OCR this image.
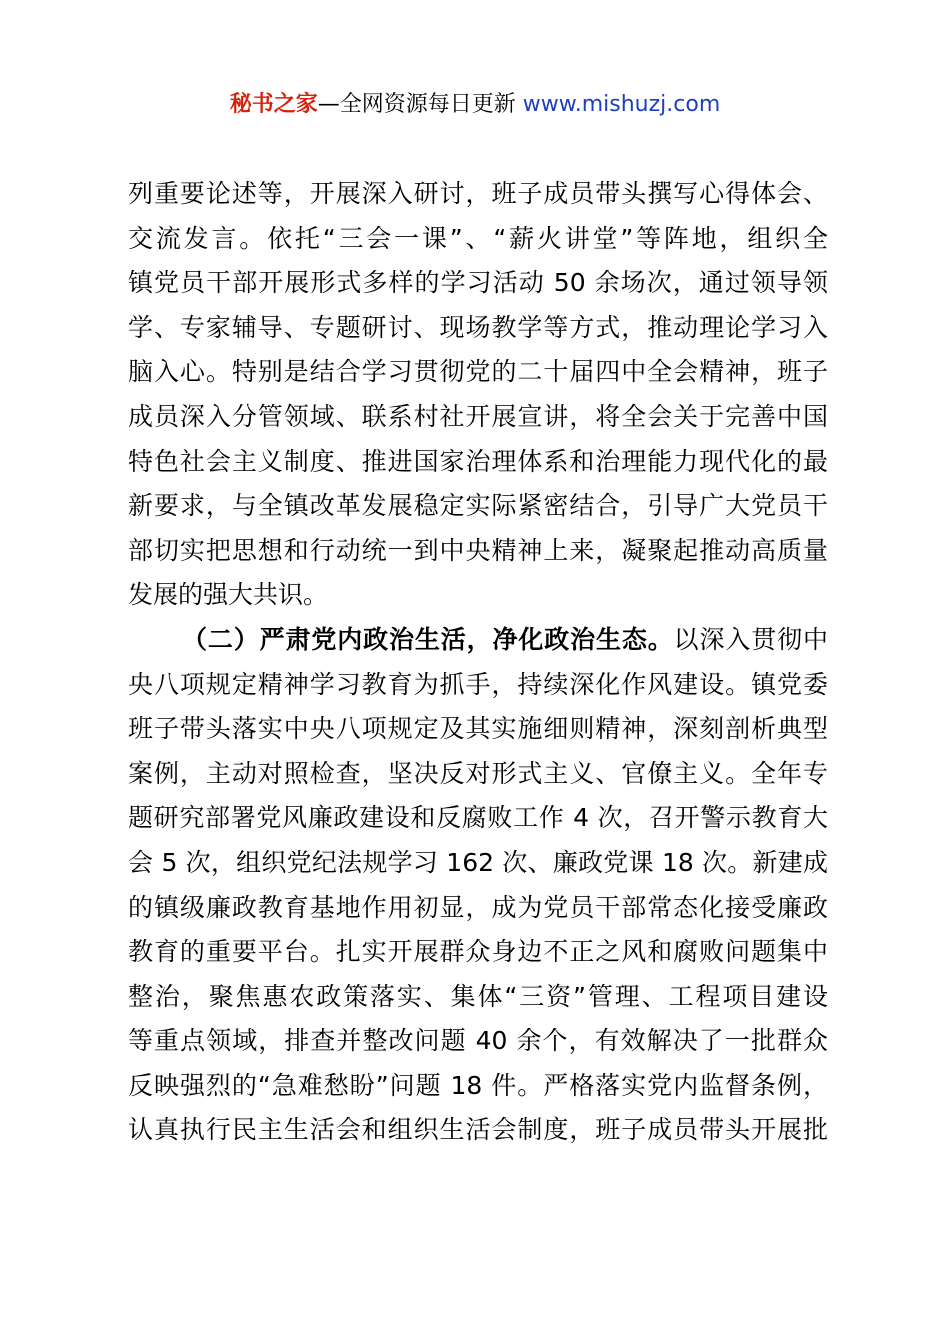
秘书之家—全网资源每日更新 www.mishuzj.com
列重要论述等，开展深入研讨，班子成员带头撰写心得体会、
交流发言。依托“三会一课”、“薪火讲堂”等阵地，组织全
镇党员干部开展形式多样的学习活动 50 余场次，通过领导领
学、专家辅导、专题研讨、现场教学等方式，推动理论学习入
脑入心。特别是结合学习贯彻党的二十届四中全会精神，班子
成员深入分管领域、联系村社开展宣讲，将全会关于完善中国
特色社会主义制度、推进国家治理体系和治理能力现代化的最
新要求，与全镇改革发展稳定实际紧密结合，引导广大党员干
部切实把思想和行动统一到中央精神上来，凝聚起推动高质量
发展的强大共识。
（二）严肃党内政治生活，净化政治生态。以深入贯彻中
央八项规定精神学习教育为抓手，持续深化作风建设。镇党委
班子带头落实中央八项规定及其实施细则精神，深刻剖析典型
案例，主动对照检查，坚决反对形式主义、官僚主义。全年专
题研究部署党风廉政建设和反腐败工作 4 次，召开警示教育大
会 5 次，组织党纪法规学习 162 次、廉政党课 18 次。新建成
的镇级廉政教育基地作用初显，成为党员干部常态化接受廉政
教育的重要平台。扎实开展群众身边不正之风和腐败问题集中
整治，聚焦惠农政策落实、集体“三资”管理、工程项目建设
等重点领域，排查并整改问题 40 余个，有效解决了一批群众
反映强烈的“急难愁盼”问题 18 件。严格落实党内监督条例，
认真执行民主生活会和组织生活会制度，班子成员带头开展批
